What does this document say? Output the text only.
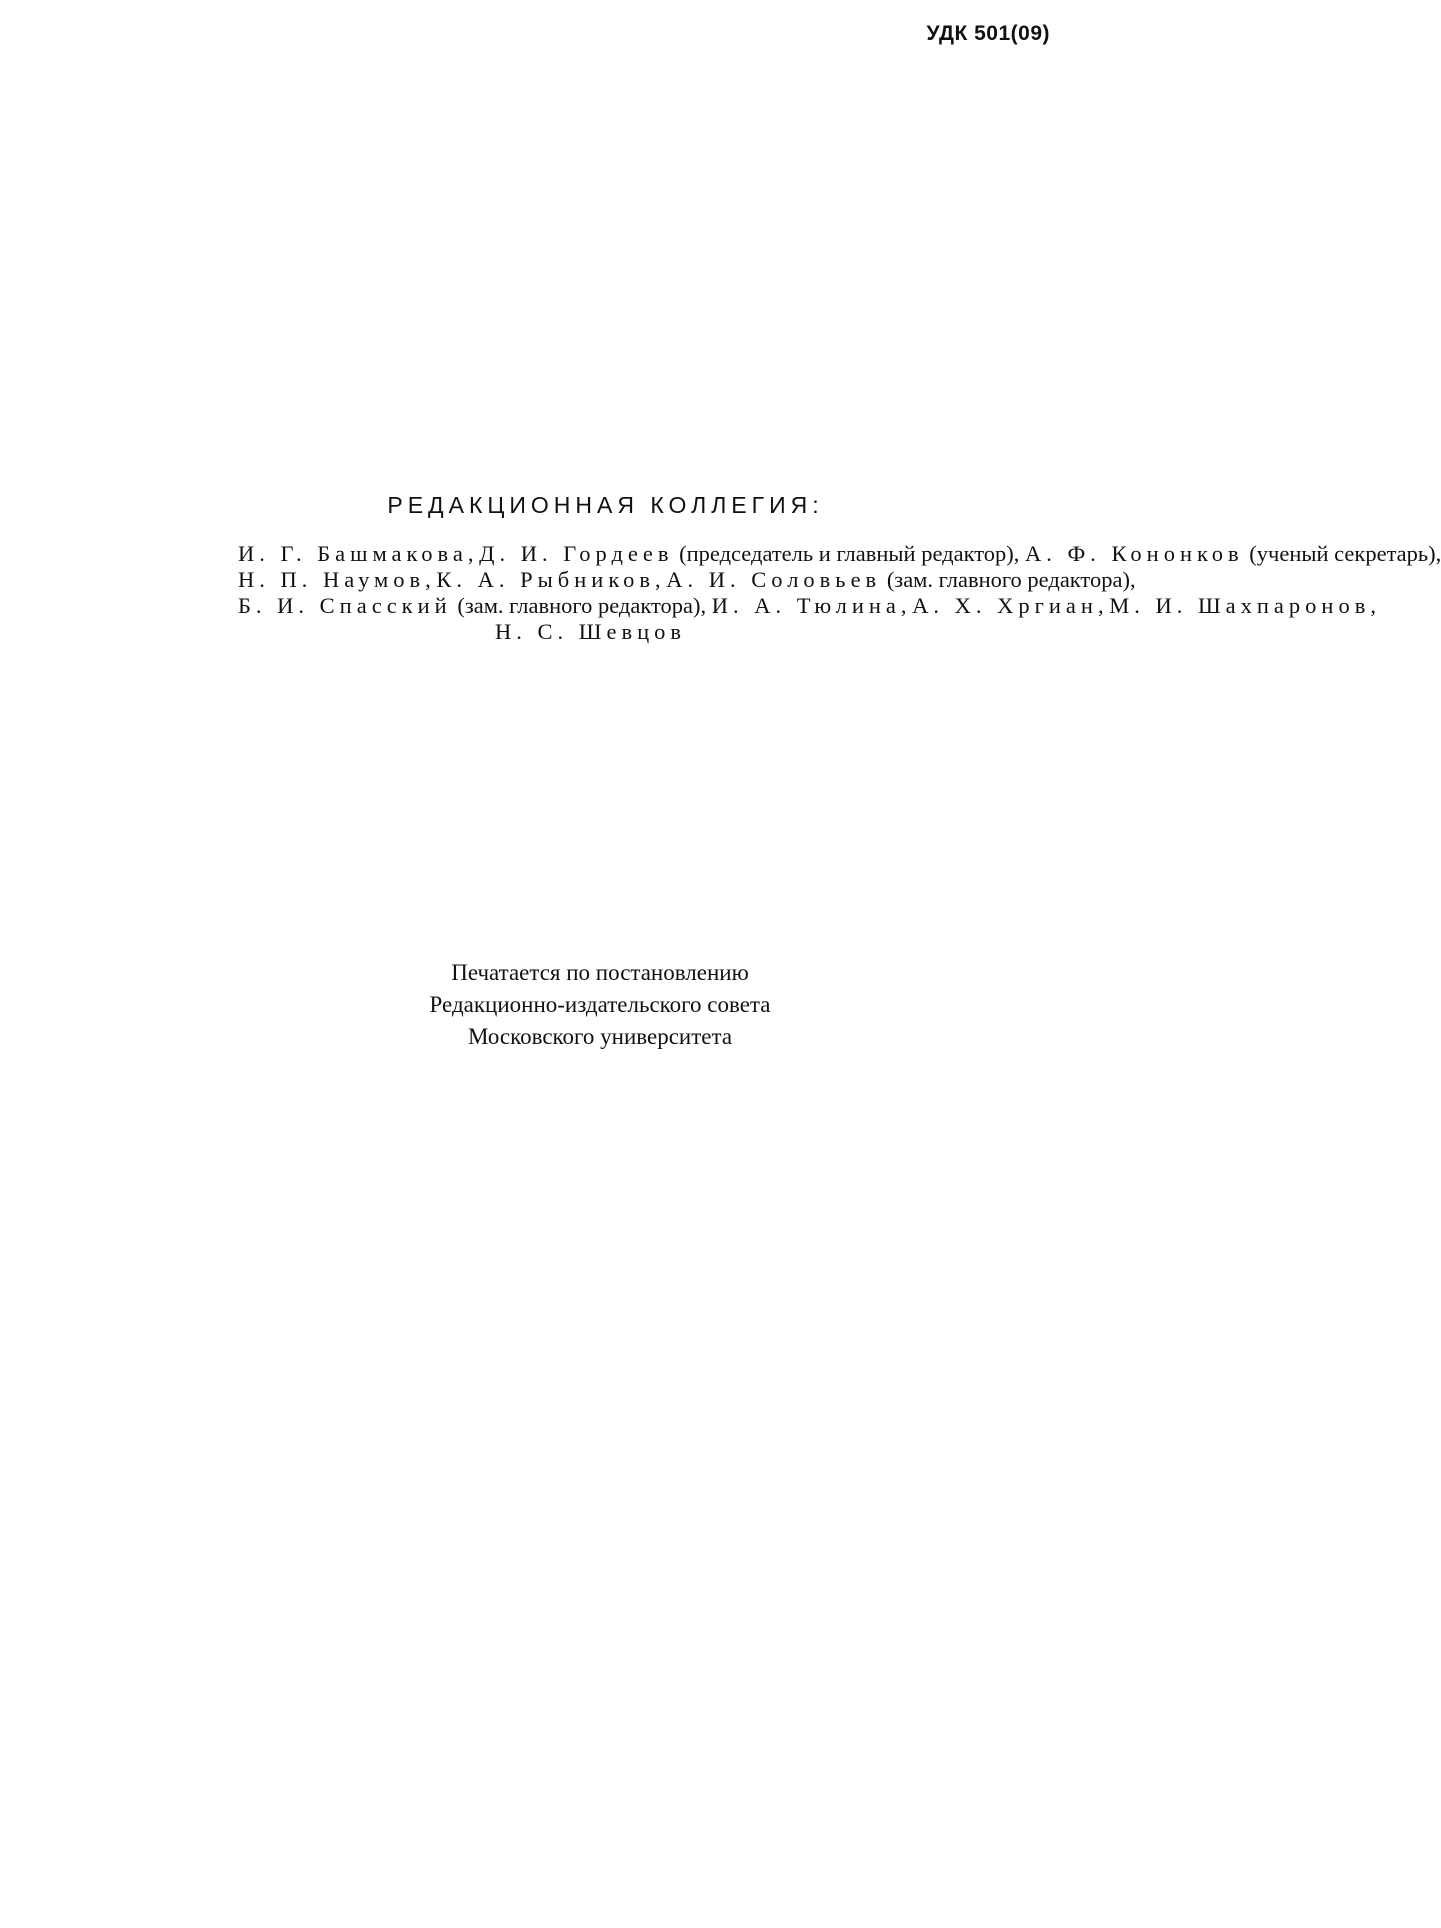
УДК 501(09)
РЕДАКЦИОННАЯ КОЛЛЕГИЯ:

И. Г. Башмакова, Д. И. Гордеев (председатель и главный редактор), А. Ф. Кононков (ученый секретарь),
Н. П. Наумов, К. А. Рыбников, А. И. Соловьев (зам. главного редактора),
Б. И. Спасский (зам. главного редактора), И. А. Тюлина, А. Х. Хргиан, М. И. Шахпаронов,
Н. С. Шевцов

Печатается по постановлению
Редакционно-издательского совета
Московского университета
